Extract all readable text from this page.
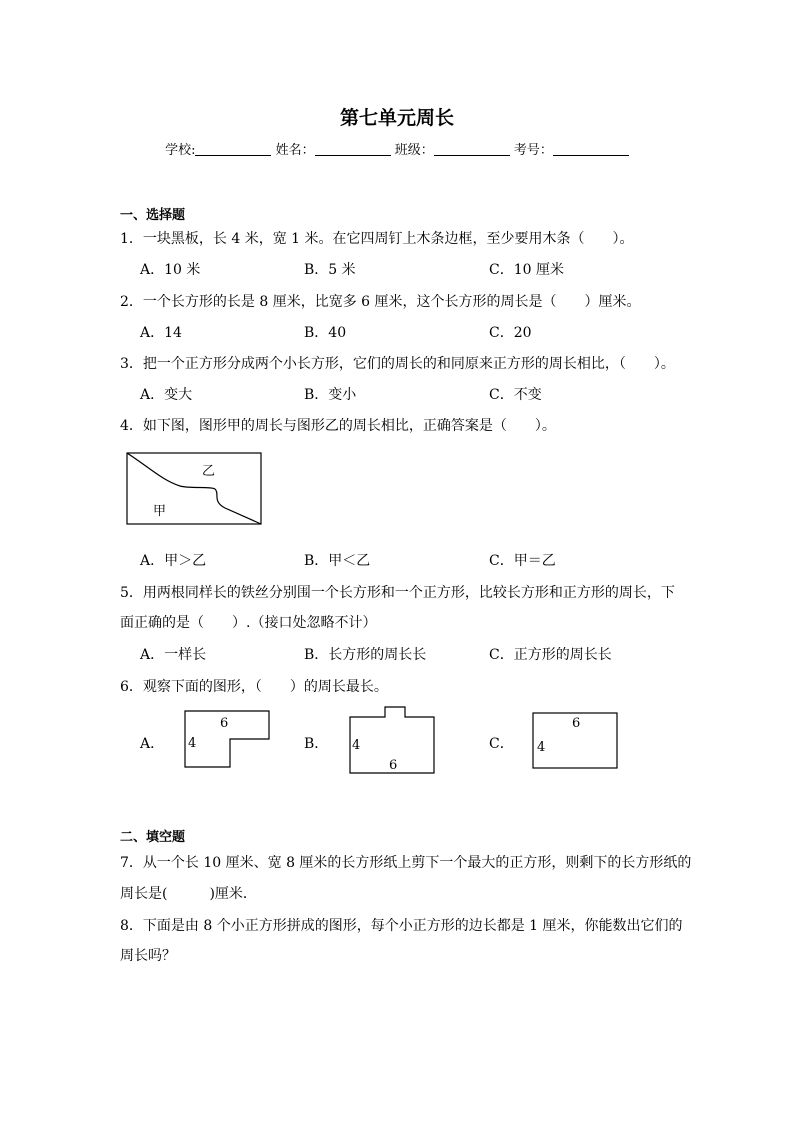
第七单元周长
学校:	姓名：	班级：	考号：
一、选择题
1．一块黑板，长 4 米，宽 1 米。在它四周钉上木条边框，至少要用木条（　　）。
A．10 米	B．5 米	C．10 厘米
2．一个长方形的长是 8 厘米，比宽多 6 厘米，这个长方形的周长是（　　）厘米。
A．14	B．40	C．20
3．把一个正方形分成两个小长方形，它们的周长的和同原来正方形的周长相比，（　　）。
A．变大	B．变小	C．不变
4．如下图，图形甲的周长与图形乙的周长相比，正确答案是（　　）。
乙
甲
A．甲＞乙	B．甲＜乙	C．甲＝乙
5．用两根同样长的铁丝分别围一个长方形和一个正方形，比较长方形和正方形的周长，下
面正确的是（　　）.（接口处忽略不计）
A．一样长	B．长方形的周长长	C．正方形的周长长
6．观察下面的图形，（　　）的周长最长。
A．
6
4	B． 4
6
C．
6
4
二、填空题
7．从一个长 10 厘米、宽 8 厘米的长方形纸上剪下一个最大的正方形，则剩下的长方形纸的
周长是(　　　)厘米．
8．下面是由 8 个小正方形拼成的图形，每个小正方形的边长都是 1 厘米，你能数出它们的
周长吗？
